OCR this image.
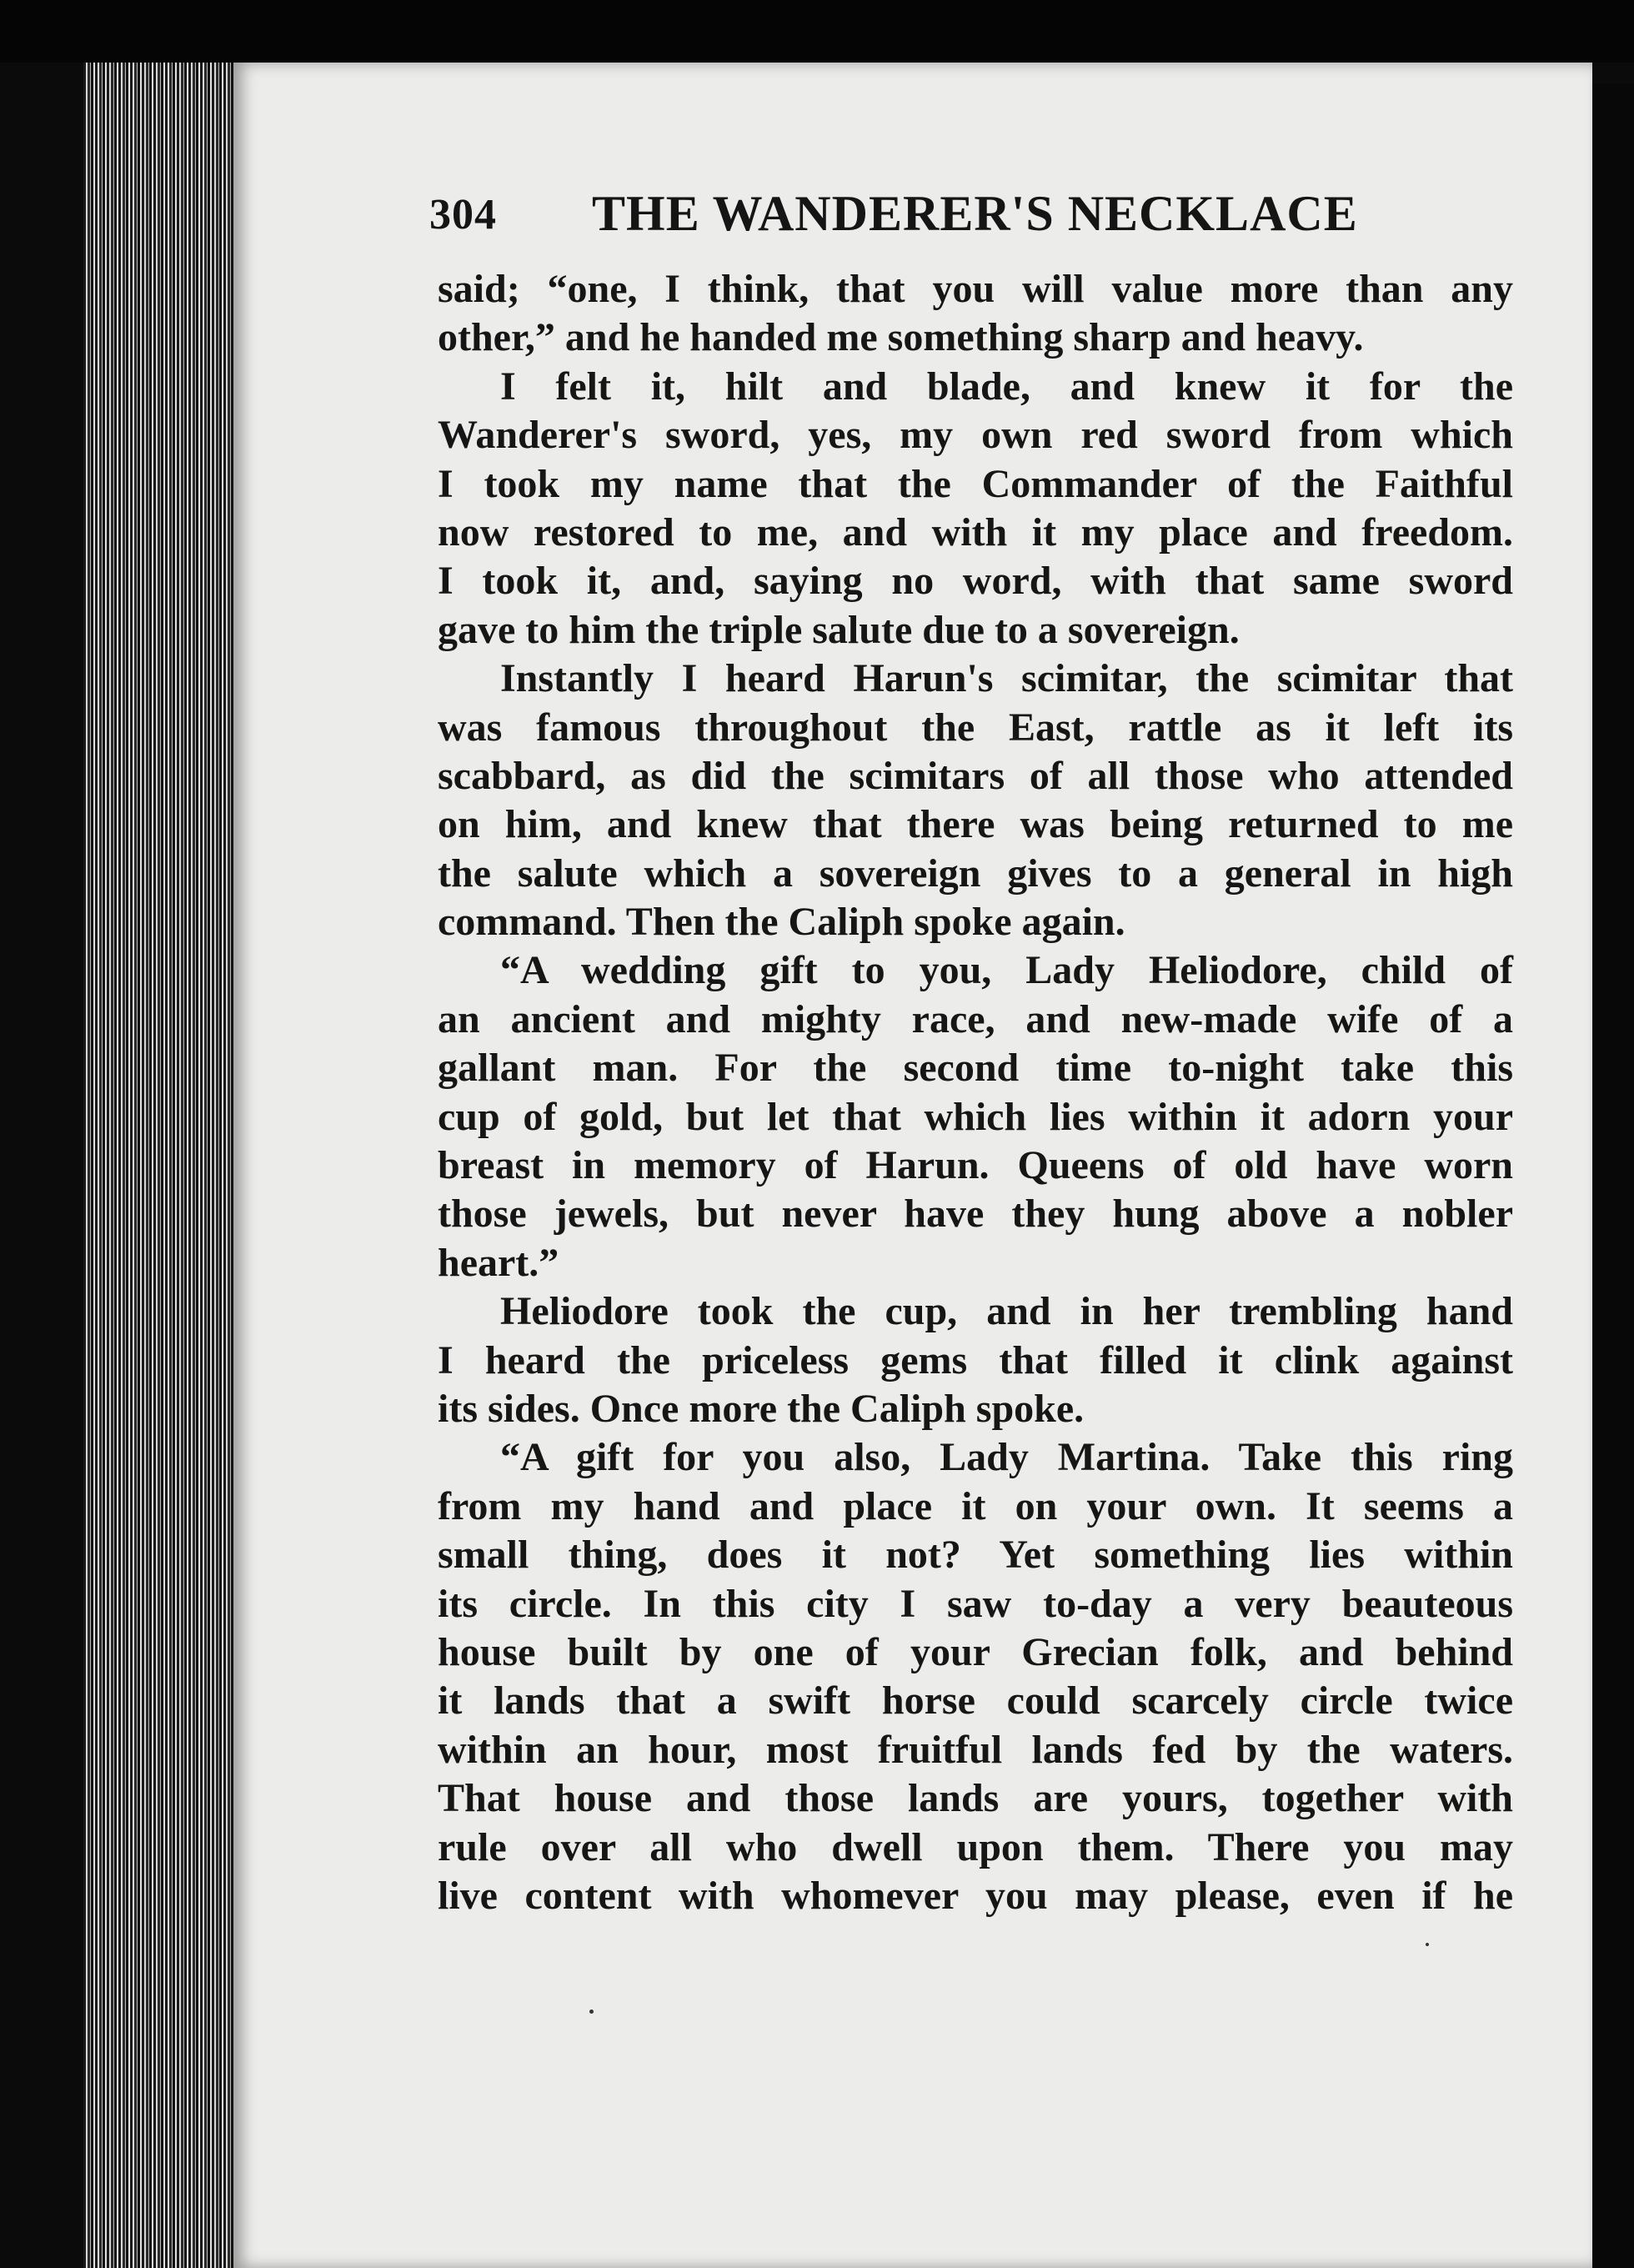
304 THE WANDERER'S NECKLACE
said; “one, I think, that you will value more than any
other,” and he handed me something sharp and heavy.
I felt it, hilt and blade, and knew it for the
Wanderer's sword, yes, my own red sword from which
I took my name that the Commander of the Faithful
now restored to me, and with it my place and freedom.
I took it, and, saying no word, with that same sword
gave to him the triple salute due to a sovereign.
Instantly I heard Harun's scimitar, the scimitar that
was famous throughout the East, rattle as it left its
scabbard, as did the scimitars of all those who attended
on him, and knew that there was being returned to me
the salute which a sovereign gives to a general in high
command. Then the Caliph spoke again.
“A wedding gift to you, Lady Heliodore, child of
an ancient and mighty race, and new-made wife of a
gallant man. For the second time to-night take this
cup of gold, but let that which lies within it adorn your
breast in memory of Harun. Queens of old have worn
those jewels, but never have they hung above a nobler
heart.”
Heliodore took the cup, and in her trembling hand
I heard the priceless gems that filled it clink against
its sides. Once more the Caliph spoke.
“A gift for you also, Lady Martina. Take this ring
from my hand and place it on your own. It seems a
small thing, does it not? Yet something lies within
its circle. In this city I saw to-day a very beauteous
house built by one of your Grecian folk, and behind
it lands that a swift horse could scarcely circle twice
within an hour, most fruitful lands fed by the waters.
That house and those lands are yours, together with
rule over all who dwell upon them. There you may
live content with whomever you may please, even if he
